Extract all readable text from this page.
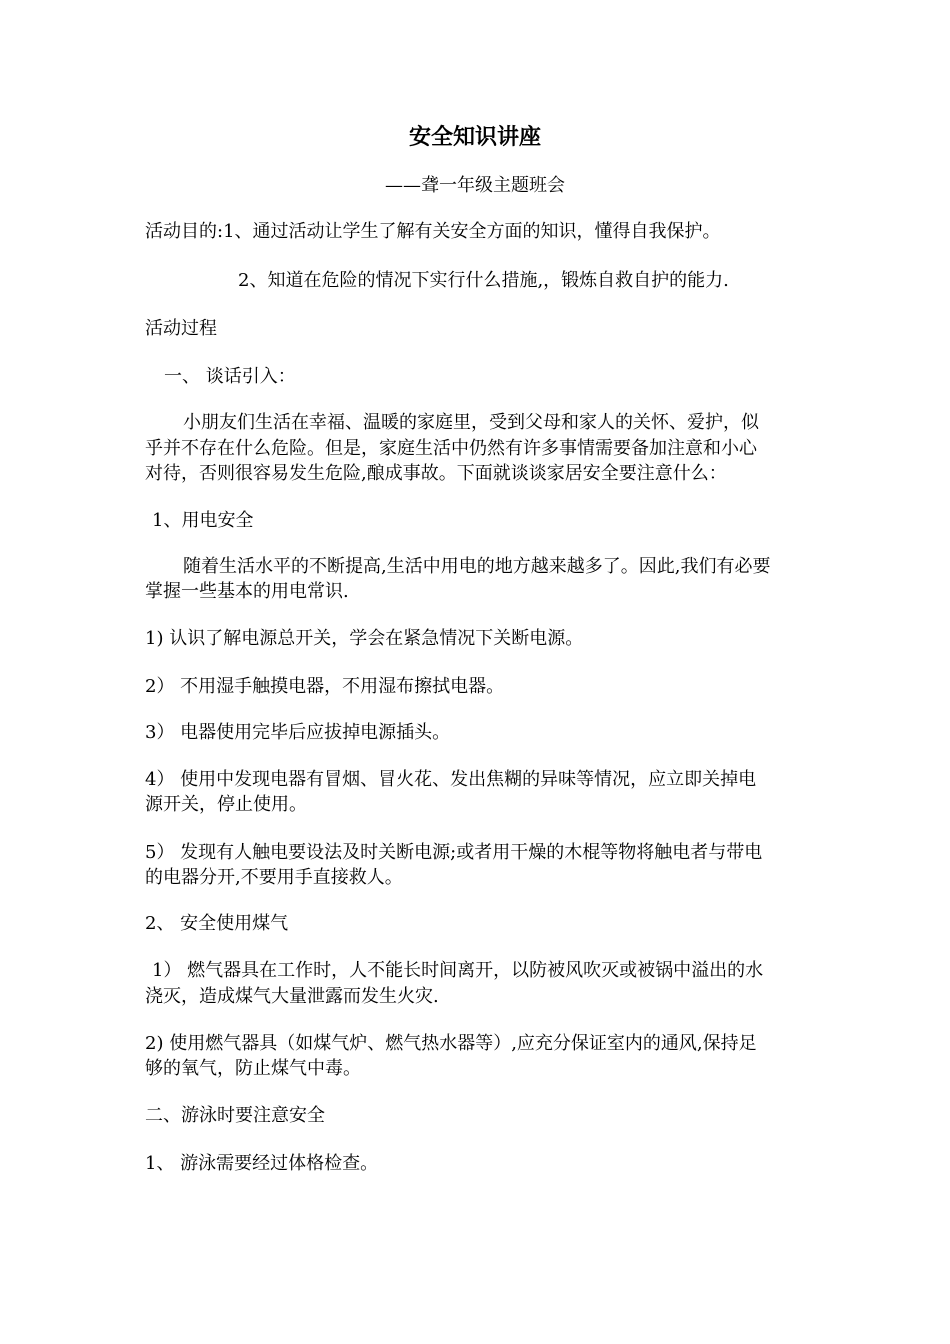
安全知识讲座
——聋一年级主题班会
活动目的:1、通过活动让学生了解有关安全方面的知识，懂得自我保护。
2、知道在危险的情况下实行什么措施,，锻炼自救自护的能力.
活动过程
一、 谈话引入：
小朋友们生活在幸福、温暖的家庭里，受到父母和家人的关怀、爱护，似
乎并不存在什么危险。但是，家庭生活中仍然有许多事情需要备加注意和小心
对待，否则很容易发生危险,酿成事故。下面就谈谈家居安全要注意什么：
1、用电安全
随着生活水平的不断提高,生活中用电的地方越来越多了。因此,我们有必要
掌握一些基本的用电常识.
1) 认识了解电源总开关，学会在紧急情况下关断电源。
2） 不用湿手触摸电器，不用湿布擦拭电器。
3） 电器使用完毕后应拔掉电源插头。
4） 使用中发现电器有冒烟、冒火花、发出焦糊的异味等情况，应立即关掉电
源开关，停止使用。
5） 发现有人触电要设法及时关断电源;或者用干燥的木棍等物将触电者与带电
的电器分开,不要用手直接救人。
2、 安全使用煤气
1） 燃气器具在工作时，人不能长时间离开，以防被风吹灭或被锅中溢出的水
浇灭，造成煤气大量泄露而发生火灾.
2) 使用燃气器具（如煤气炉、燃气热水器等）,应充分保证室内的通风,保持足
够的氧气，防止煤气中毒。
二、游泳时要注意安全
1、 游泳需要经过体格检查。
